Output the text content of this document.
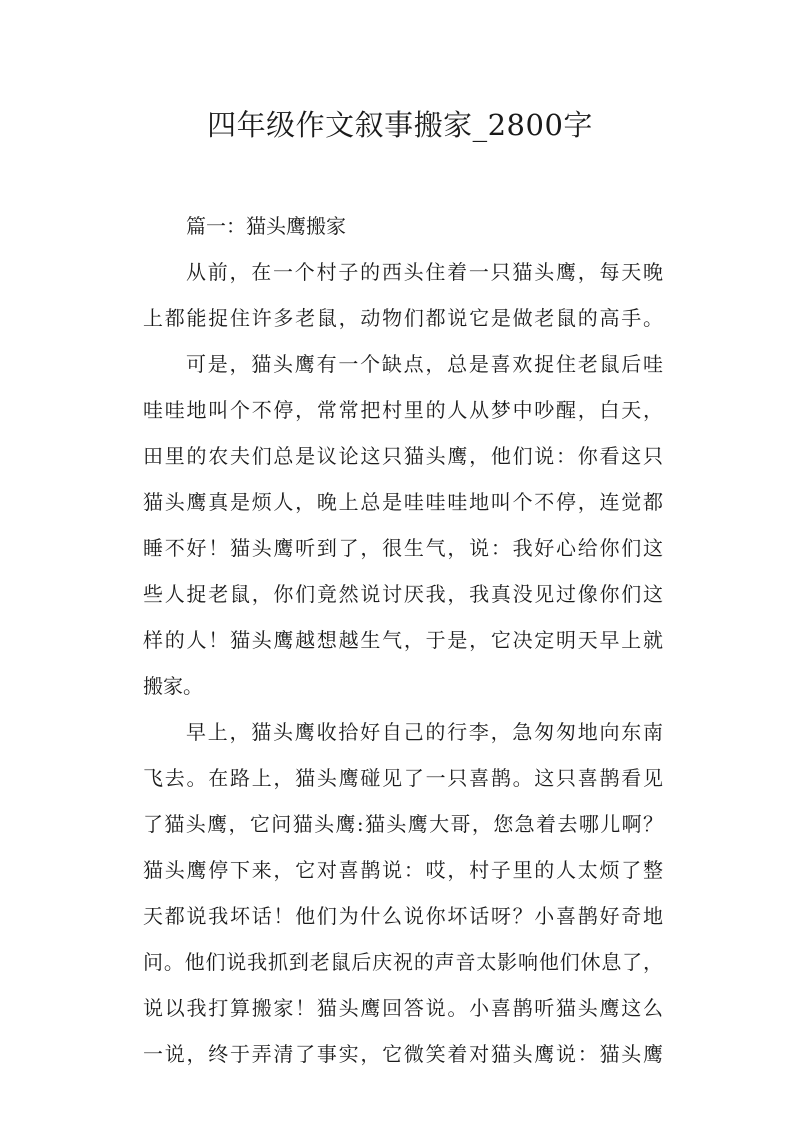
四年级作文叙事搬家_2800字
篇一：猫头鹰搬家
从前，在一个村子的西头住着一只猫头鹰，每天晚
上都能捉住许多老鼠，动物们都说它是做老鼠的高手。
可是，猫头鹰有一个缺点，总是喜欢捉住老鼠后哇
哇哇地叫个不停，常常把村里的人从梦中吵醒，白天，
田里的农夫们总是议论这只猫头鹰，他们说：你看这只
猫头鹰真是烦人，晚上总是哇哇哇地叫个不停，连觉都
睡不好！猫头鹰听到了，很生气，说：我好心给你们这
些人捉老鼠，你们竟然说讨厌我，我真没见过像你们这
样的人！猫头鹰越想越生气，于是，它决定明天早上就
搬家。
早上，猫头鹰收拾好自己的行李，急匆匆地向东南
飞去。在路上，猫头鹰碰见了一只喜鹊。这只喜鹊看见
了猫头鹰，它问猫头鹰:猫头鹰大哥，您急着去哪儿啊？
猫头鹰停下来，它对喜鹊说：哎，村子里的人太烦了整
天都说我坏话！他们为什么说你坏话呀？小喜鹊好奇地
问。他们说我抓到老鼠后庆祝的声音太影响他们休息了，
说以我打算搬家！猫头鹰回答说。小喜鹊听猫头鹰这么
一说，终于弄清了事实，它微笑着对猫头鹰说：猫头鹰
